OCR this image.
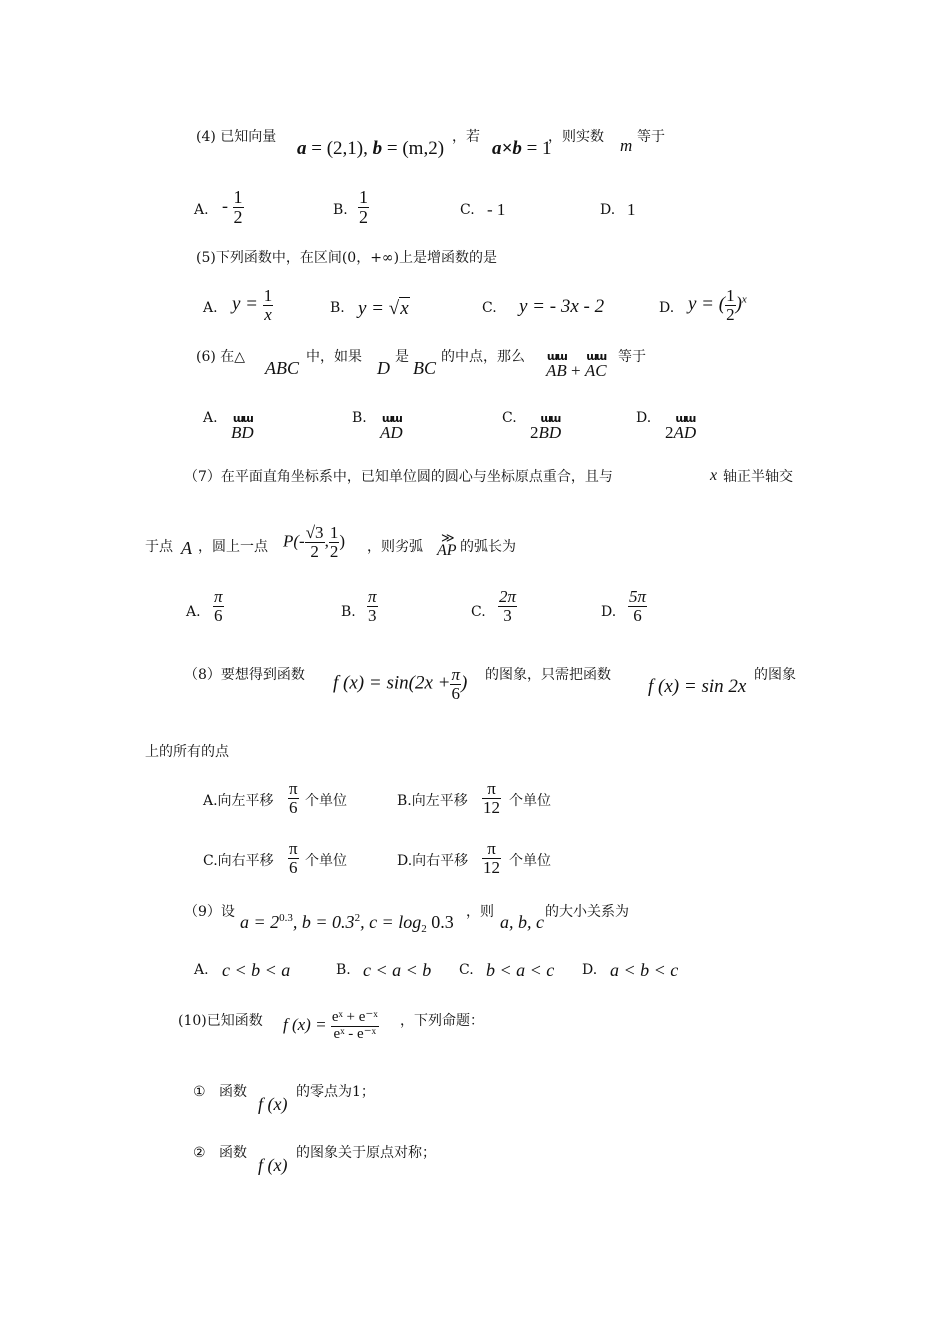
(4) 已知向量
a = (2,1), b = (m,2)
，若
a×b = 1
，则实数 m 等于
A. - $\frac{1}{2}$	B. $\frac{1}{2}$	C. - 1	D. 1
(5)下列函数中，在区间(0，+∞)上是增函数的是
A. $y = \frac{1}{x}$	B. y = √x	C. y = - 3x - 2	D. y = ( $\frac{1}{2} )^x$
(6) 在△
ABC
中，如果
D
是
BC
的中点，那么
ɯɯ AB + ɯɯ AC
等于
A.
ɯɯ BD
B.
ɯɯ AD
C.
2ɯɯ BD
D.
2ɯɯ AD
（7）在平面直角坐标系中，已知单位圆的圆心与坐标原点重合，且与	x 轴正半轴交
于点 A ，圆上一点 $P(- \frac{√3}{2}$ , $\frac{1}{2}$ ) ，则劣弧
≫
AP 的弧长为
A. $\frac{\pi}{6}$	B. $\frac{\pi}{3}$	C. $\frac{2\pi}{3}$	D. $\frac{5\pi}{6}$
（8）要想得到函数 f $(x) = \sin(2x + \frac{\pi}{6}$ ) 的图象，只需把函数
f (x) = sin 2x
的图象
上的所有的点
A.向左平移 $\frac{\pi}{6}$ 个单位	B.向左平移 $\frac{\pi}{12}$ 个单位
C.向右平移 $\frac{\pi}{6}$ 个单位	D.向右平移 $\frac{\pi}{12}$ 个单位
（9）设 $a = 2^{0.3}$, $b = 0.3^2$, $c = \log_2 0.3$ ，则 a, b, c 的大小关系为
A. c < b < a	B. c < a < b C. b < a < c D. a < b < c
(10)已知函数 f $(x) = \frac{\text{eˣ + e⁻ˣ}}{\text{eˣ - e⁻ˣ}}$ ，下列命题：
① 函数
f (x)
的零点为1；
② 函数
f (x)
的图象关于原点对称；
